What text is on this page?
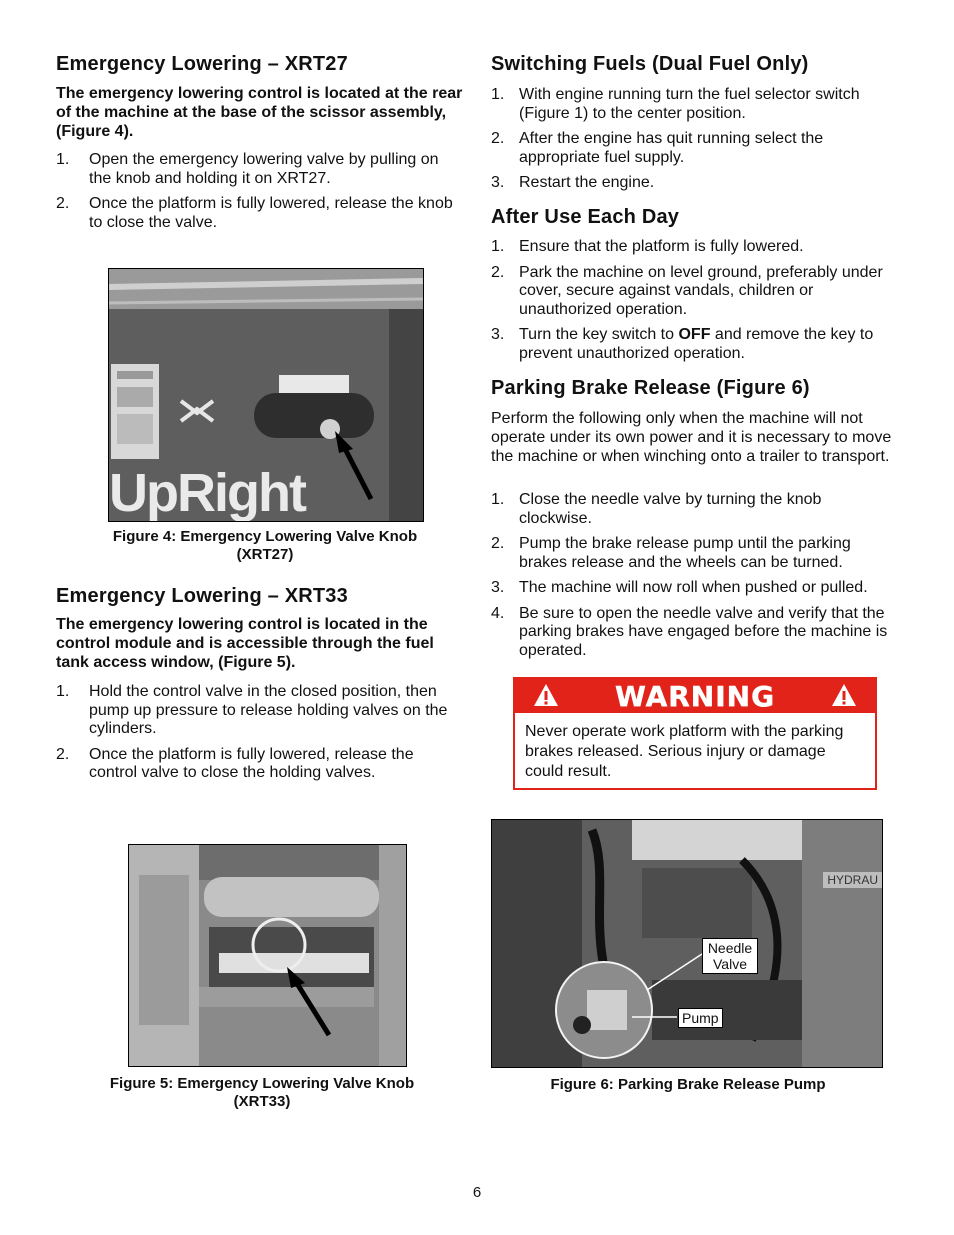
Emergency Lowering – XRT27

The emergency lowering control is located at the rear of the machine at the base of the scissor assembly, (Figure 4).

1. Open the emergency lowering valve by pulling on the knob and holding it on XRT27.
2. Once the platform is fully lowered, release the knob to close the valve.
UpRight

Figure 4: Emergency Lowering Valve Knob (XRT27)

Emergency Lowering – XRT33

The emergency lowering control is located in the control module and is accessible through the fuel tank access window, (Figure 5).

1. Hold the control valve in the closed position, then pump up pressure to release holding valves on the cylinders.
2. Once the platform is fully lowered, release the control valve to close the holding valves.

Figure 5: Emergency Lowering Valve Knob (XRT33)

Switching Fuels (Dual Fuel Only)
1. With engine running turn the fuel selector switch (Figure 1) to the center position.
2. After the engine has quit running select the appropriate fuel supply.
3. Restart the engine.
After Use Each Day
1. Ensure that the platform is fully lowered.
2. Park the machine on level ground, preferably under cover, secure against vandals, children or unauthorized operation.
3. Turn the key switch to OFF and remove the key to prevent unauthorized operation.
Parking Brake Release (Figure 6)

Perform the following only when the machine will not operate under its own power and it is necessary to move the machine or when winching onto a trailer to transport.

1. Close the needle valve by turning the knob clockwise.
2. Pump the brake release pump until the parking brakes release and the wheels can be turned.
3. The machine will now roll when pushed or pulled.
4. Be sure to open the needle valve and verify that the parking brakes have engaged before the machine is operated.
WARNING
Never operate work platform with the parking brakes released. Serious injury or damage could result.
HYDRAU
Needle
Valve
Pump

Figure 6: Parking Brake Release Pump

6
